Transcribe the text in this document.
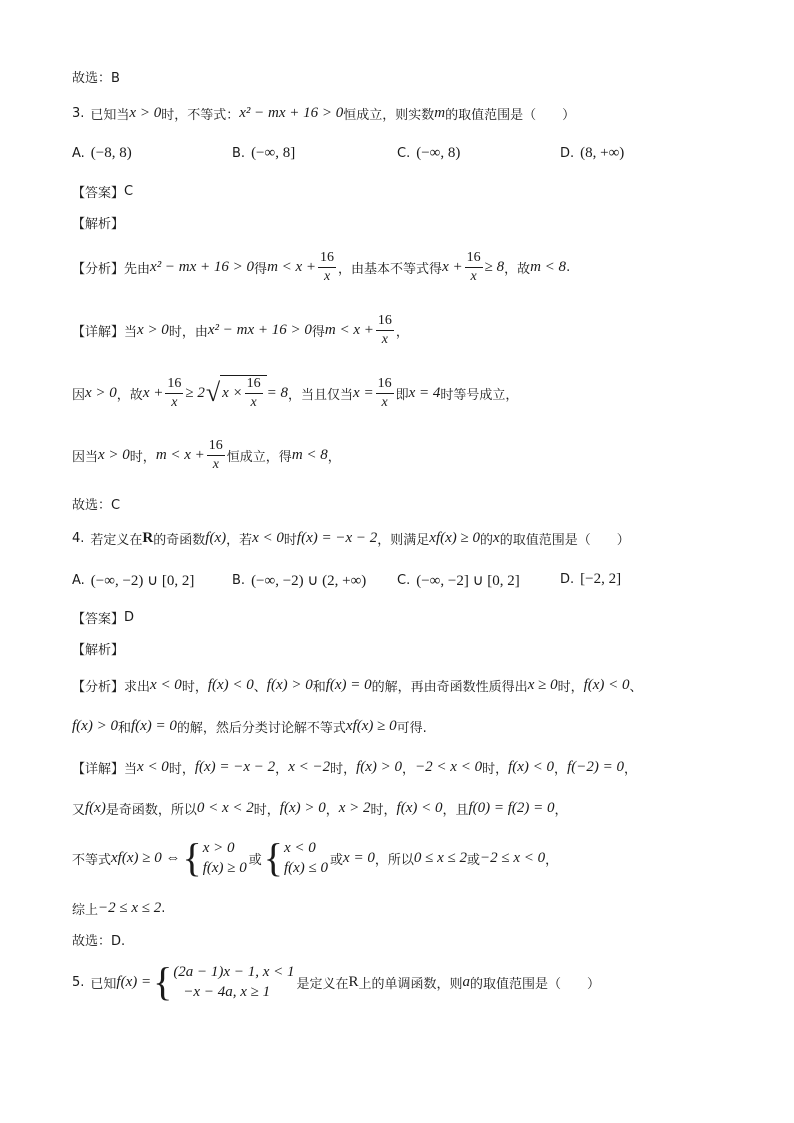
故选：B
3. 已知当 x > 0 时，不等式： x² − mx + 16 > 0 恒成立，则实数 m 的取值范围是（　　）
A. (−8, 8)	B. (−∞, 8]	C. (−∞, 8)	D. (8, +∞)
【答案】 C
【解析】
【分析】 先由 x² − mx + 16 > 0 得 $m < x + \frac{16}{x}$ ，由基本不等式得 $x + \frac{16}{x} \ge 8$ ，故 m < 8 .
【详解】 当 x > 0 时，由 x² − mx + 16 > 0 得 $m < x + \frac{16}{x}$ ，
因 x > 0 ，故 $x + \frac{16}{x} \ge 2$ √ $x \times \frac{16}{x} = 8$ ，当且仅当 $x = \frac{16}{x}$ 即 x = 4 时等号成立，
因当 x > 0 时， $m < x + \frac{16}{x}$ 恒成立，得 m < 8 ，
故选：C
4. 若定义在 R 的奇函数 f(x) ，若 x < 0 时 f(x) = −x − 2 ，则满足 xf(x) ≥ 0 的 x 的取值范围是（　　）
A. (−∞, −2) ∪ [0, 2]	B. (−∞, −2) ∪ (2, +∞) C. (−∞, −2] ∪ [0, 2]	D. [−2, 2]
【答案】 D
【解析】
【分析】 求出 x < 0 时， f(x) < 0 、 f(x) > 0 和 f(x) = 0 的解，再由奇函数性质得出 x ≥ 0 时， f(x) < 0 、
f(x) > 0 和 f(x) = 0 的解，然后分类讨论解不等式 xf(x) ≥ 0 可得.
【详解】 当 x < 0 时， f(x) = −x − 2 ， x < −2 时， f(x) > 0 ， −2 < x < 0 时， f(x) < 0 ， f(−2) = 0 ，
又 f(x) 是奇函数，所以 0 < x < 2 时， f(x) > 0 ， x > 2 时， f(x) < 0 ，且 f(0) = f(2) = 0 ，
不等式 xf(x) ≥ 0 ⇔ { x > 0
f(x) ≥ 0 或 { x < 0
f(x) ≤ 0 或 x = 0 ，所以 0 ≤ x ≤ 2 或 −2 ≤ x < 0 ，
综上 −2 ≤ x ≤ 2 .
故选：D.
5. 已知 f(x) = { (2a − 1)x − 1, x < 1
−x − 4a, x ≥ 1	是定义在 R 上的单调函数，则 a 的取值范围是（　　）
